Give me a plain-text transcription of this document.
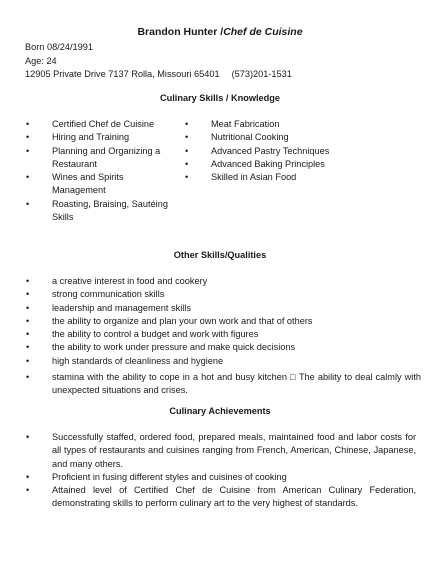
Brandon Hunter /Chef de Cuisine
Born 08/24/1991
Age: 24
12905 Private Drive 7137 Rolla, Missouri 65401 (573)201-1531
Culinary Skills / Knowledge
• Certified Chef de Cuisine
• Hiring and Training
• Planning and Organizing a Restaurant
• Wines and Spirits Management
• Roasting, Braising, Sautéing Skills
• Meat Fabrication
• Nutritional Cooking
• Advanced Pastry Techniques
• Advanced Baking Principles
• Skilled in Asian Food
Other Skills/Qualities
• a creative interest in food and cookery
• strong communication skills
• leadership and management skills
• the ability to organize and plan your own work and that of others
• the ability to control a budget and work with figures
• the ability to work under pressure and make quick decisions
• high standards of cleanliness and hygiene
• stamina with the ability to cope in a hot and busy kitchen □ The ability to deal calmly with unexpected situations and crises.
Culinary Achievements
• Successfully staffed, ordered food, prepared meals, maintained food and labor costs for all types of restaurants and cuisines ranging from French, American, Chinese, Japanese, and many others.
• Proficient in fusing different styles and cuisines of cooking
• Attained level of Certified Chef de Cuisine from American Culinary Federation, demonstrating skills to perform culinary art to the very highest of standards.
